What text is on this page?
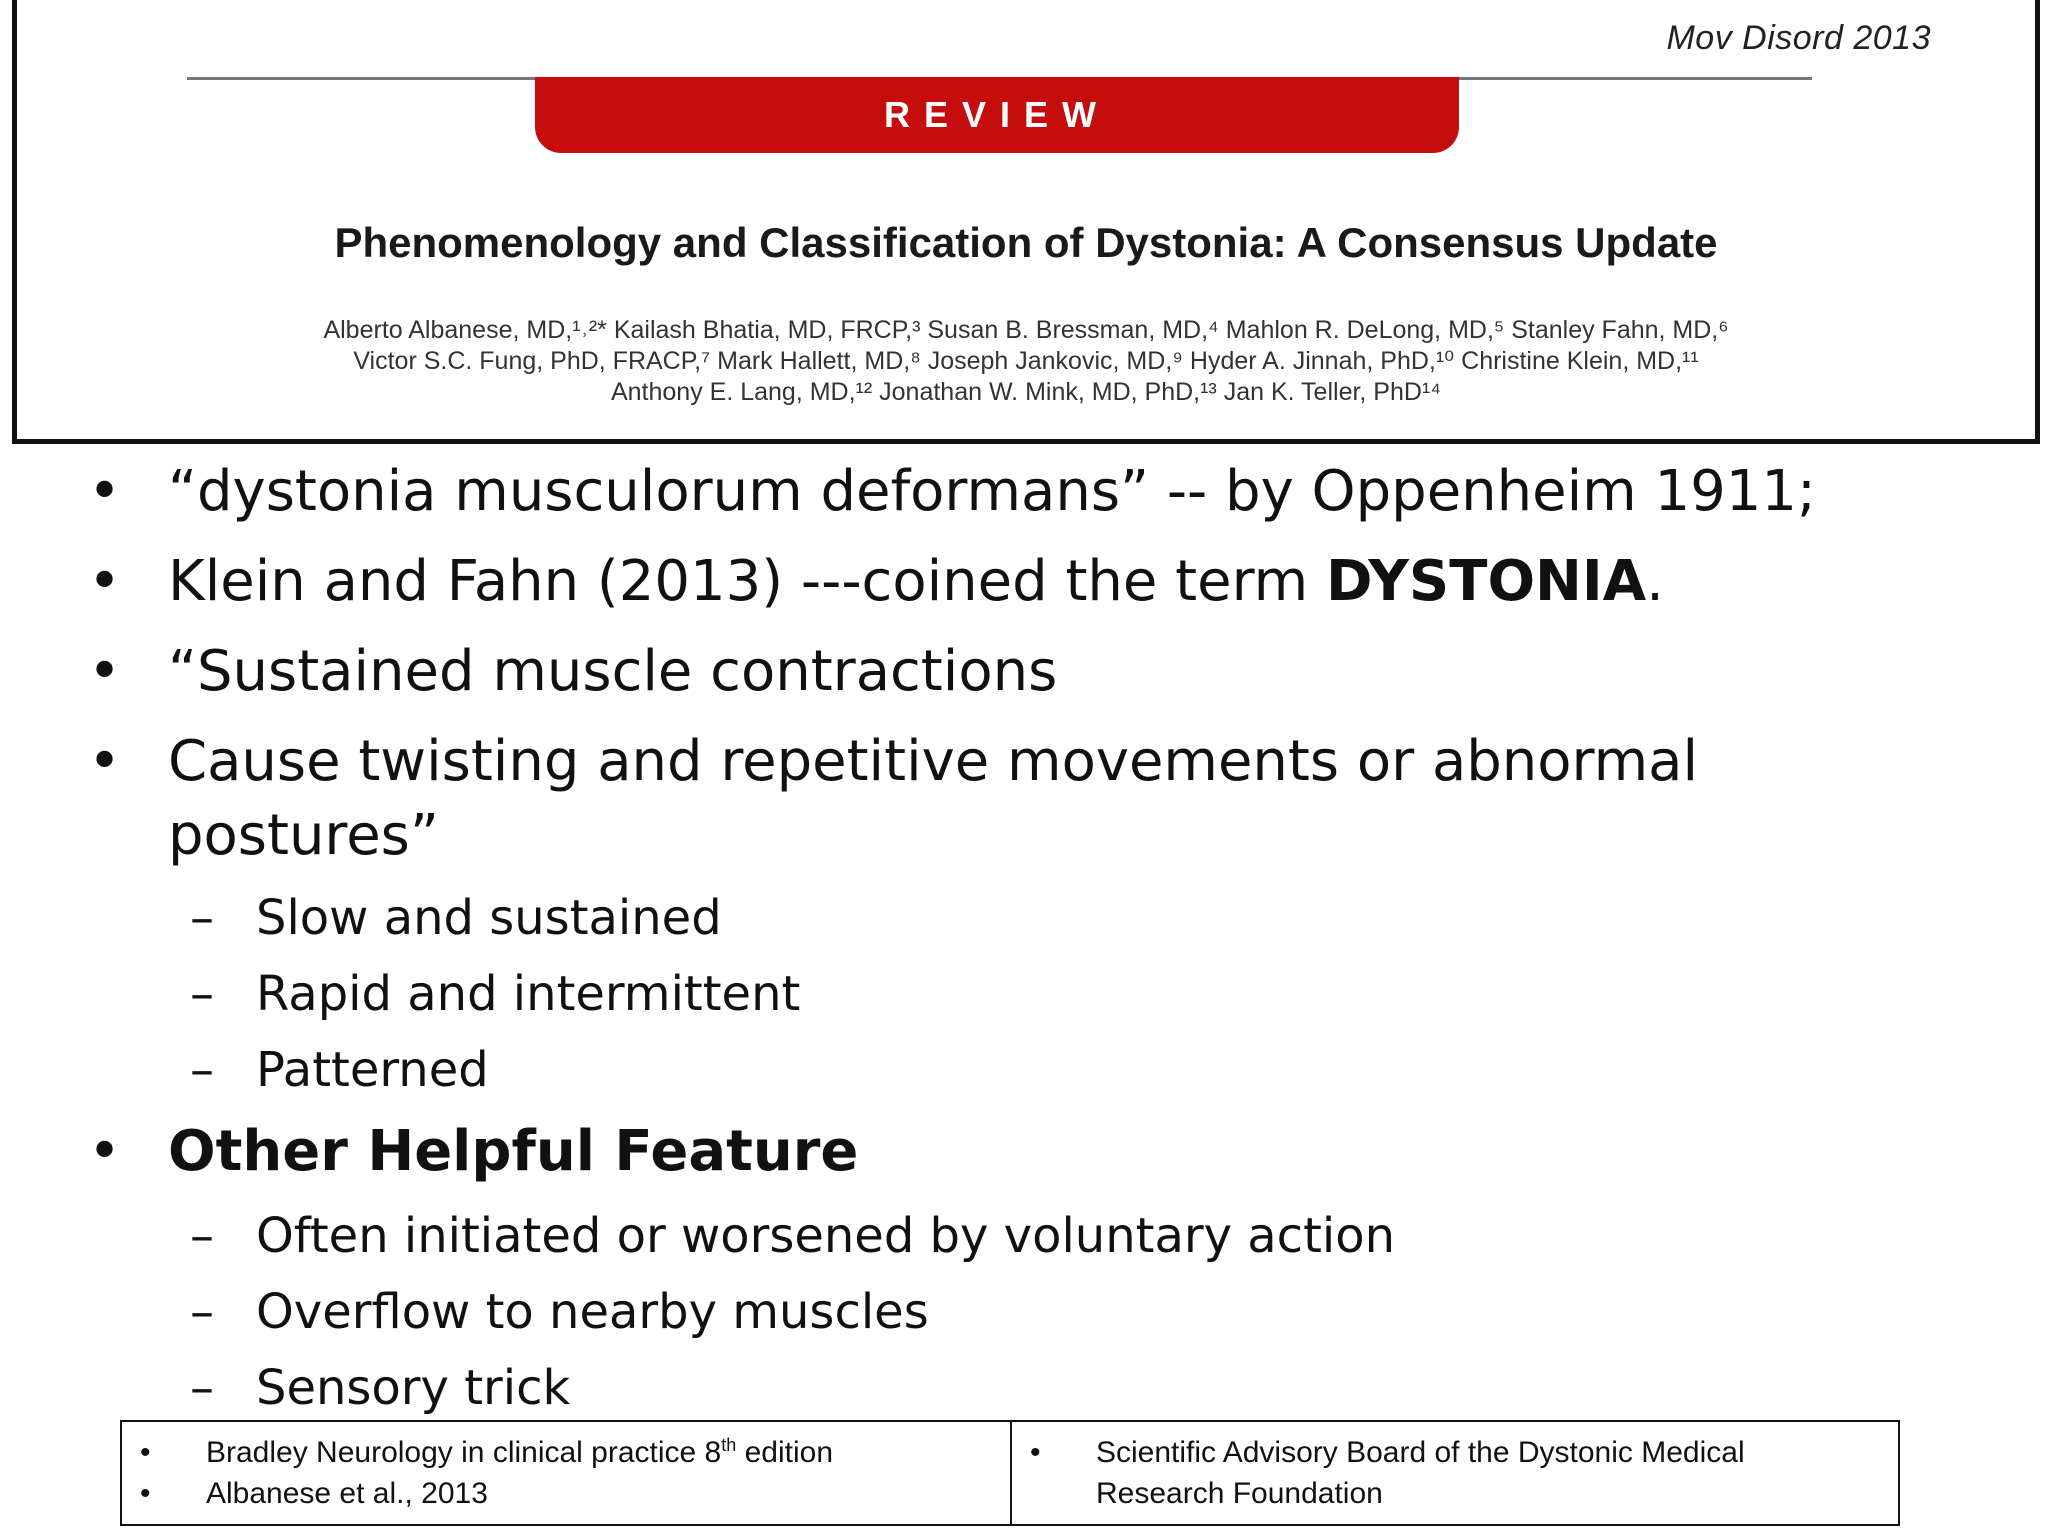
Mov Disord 2013
REVIEW
Phenomenology and Classification of Dystonia: A Consensus Update
Alberto Albanese, MD,¹˒²* Kailash Bhatia, MD, FRCP,³ Susan B. Bressman, MD,⁴ Mahlon R. DeLong, MD,⁵ Stanley Fahn, MD,⁶
Victor S.C. Fung, PhD, FRACP,⁷ Mark Hallett, MD,⁸ Joseph Jankovic, MD,⁹ Hyder A. Jinnah, PhD,¹⁰ Christine Klein, MD,¹¹
Anthony E. Lang, MD,¹² Jonathan W. Mink, MD, PhD,¹³ Jan K. Teller, PhD¹⁴
• “dystonia musculorum deformans” -- by Oppenheim 1911;
• Klein and Fahn (2013) ---coined the term DYSTONIA.
• “Sustained muscle contractions
• Cause twisting and repetitive movements or abnormal
postures”
– Slow and sustained
– Rapid and intermittent
– Patterned
• Other Helpful Feature
– Often initiated or worsened by voluntary action
– Overflow to nearby muscles
– Sensory trick
• Bradley Neurology in clinical practice 8th edition
• Albanese et al., 2013
• Scientific Advisory Board of the Dystonic Medical
Research Foundation
